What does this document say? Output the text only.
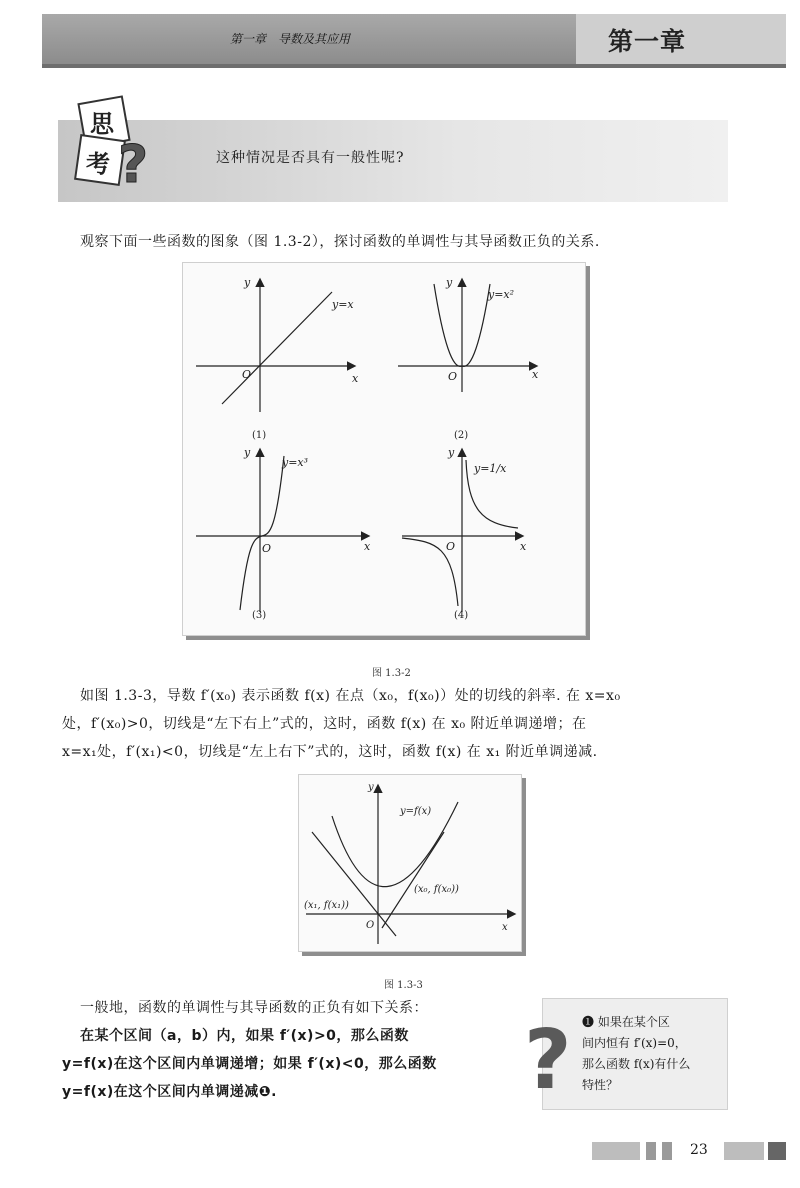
第一章　导数及其应用	第一章
思
考 ?	这种情况是否具有一般性呢?
观察下面一些函数的图象（图 1.3-2），探讨函数的单调性与其导函数正负的关系.
y
x
O
y=x
y
x
O
y=x²
y
x
O
y=x³
y
x
O
y=1/x
(1)	(2)
(3)	(4)
图 1.3-2
如图 1.3-3，导数 f′(x₀) 表示函数 f(x) 在点（x₀，f(x₀)）处的切线的斜率. 在 x=x₀
处，f′(x₀)>0，切线是“左下右上”式的，这时，函数 f(x) 在 x₀ 附近单调递增；在
x=x₁处，f′(x₁)<0，切线是“左上右下”式的，这时，函数 f(x) 在 x₁ 附近单调递减.
y
x
O
y=f(x)
(x₀, f(x₀))
(x₁, f(x₁))
图 1.3-3
一般地，函数的单调性与其导函数的正负有如下关系：
在某个区间（a，b）内，如果 f′(x)>0，那么函数
y=f(x)在这个区间内单调递增；如果 f′(x)<0，那么函数
y=f(x)在这个区间内单调递减❶.	? ❶ 如果在某个区
间内恒有 f′(x)=0，
那么函数 f(x)有什么
特性？
23
